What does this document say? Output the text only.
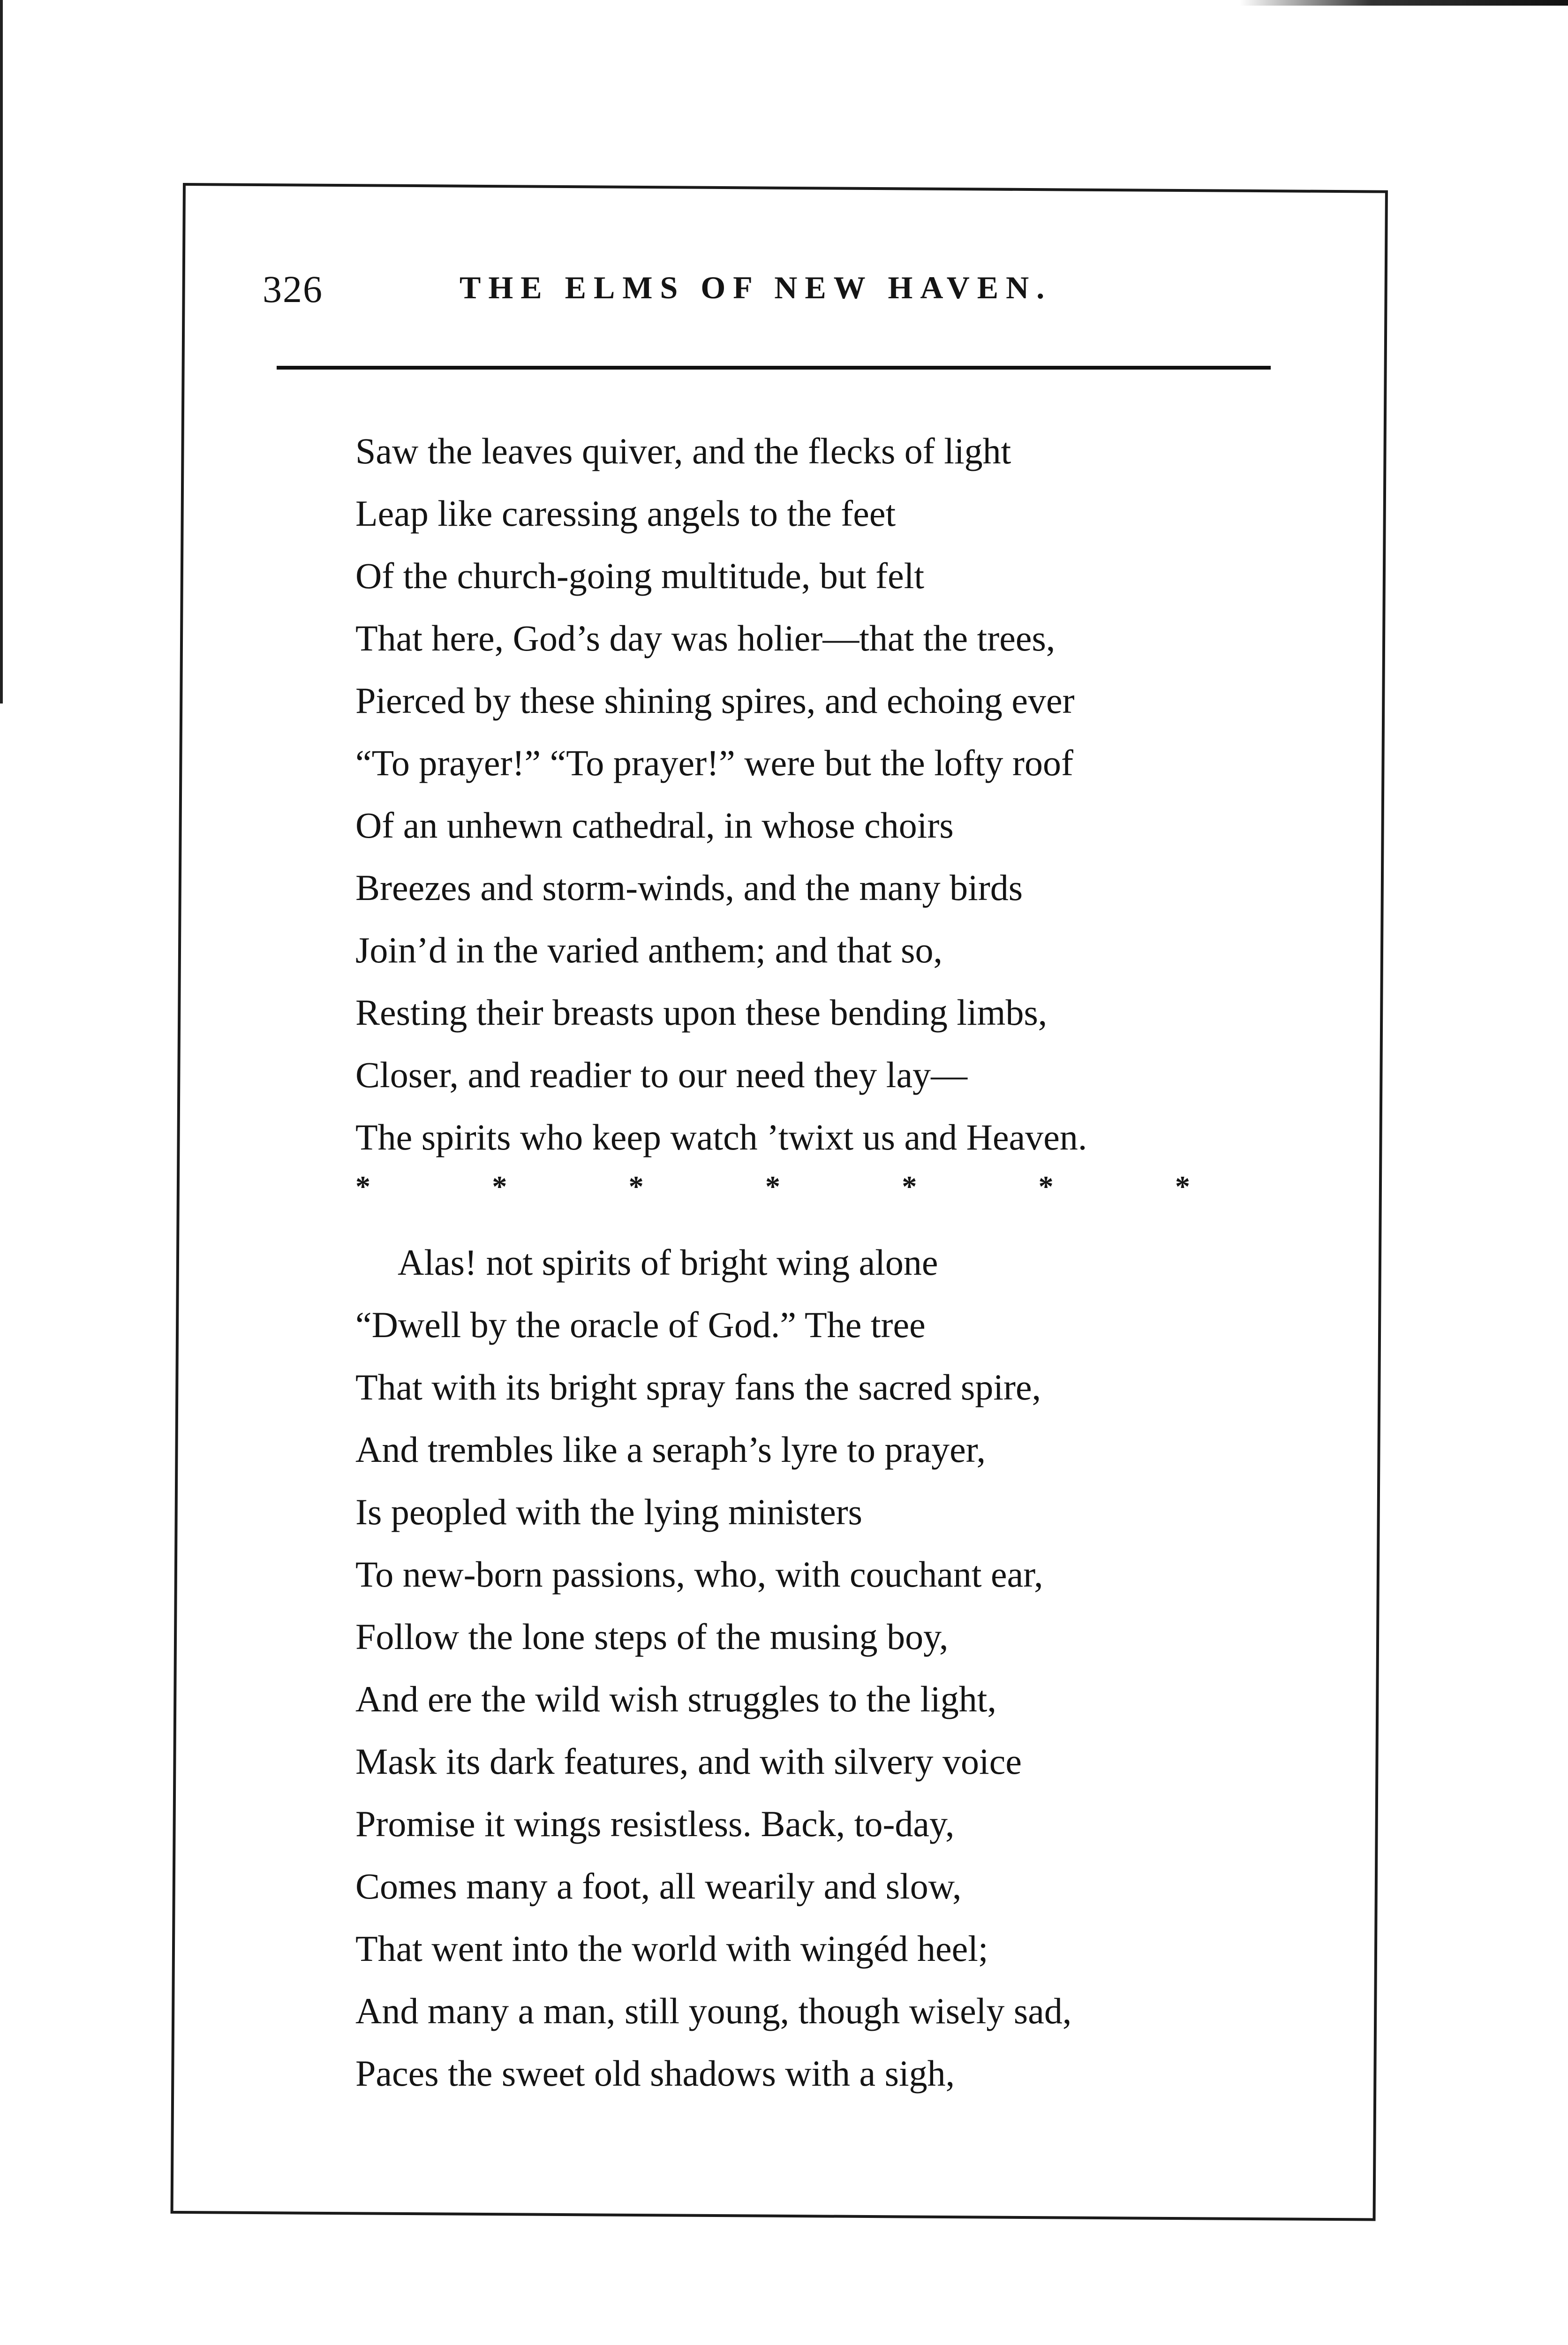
326	THE ELMS OF NEW HAVEN.
Saw the leaves quiver, and the flecks of light
Leap like caressing angels to the feet
Of the church-going multitude, but felt
That here, God’s day was holier—that the trees,
Pierced by these shining spires, and echoing ever
“To prayer!” “To prayer!” were but the lofty roof
Of an unhewn cathedral, in whose choirs
Breezes and storm-winds, and the many birds
Join’d in the varied anthem; and that so,
Resting their breasts upon these bending limbs,
Closer, and readier to our need they lay—
The spirits who keep watch ’twixt us and Heaven.
*	*	*	*	*	*	*
Alas! not spirits of bright wing alone
“Dwell by the oracle of God.” The tree
That with its bright spray fans the sacred spire,
And trembles like a seraph’s lyre to prayer,
Is peopled with the lying ministers
To new-born passions, who, with couchant ear,
Follow the lone steps of the musing boy,
And ere the wild wish struggles to the light,
Mask its dark features, and with silvery voice
Promise it wings resistless. Back, to-day,
Comes many a foot, all wearily and slow,
That went into the world with wingéd heel;
And many a man, still young, though wisely sad,
Paces the sweet old shadows with a sigh,
